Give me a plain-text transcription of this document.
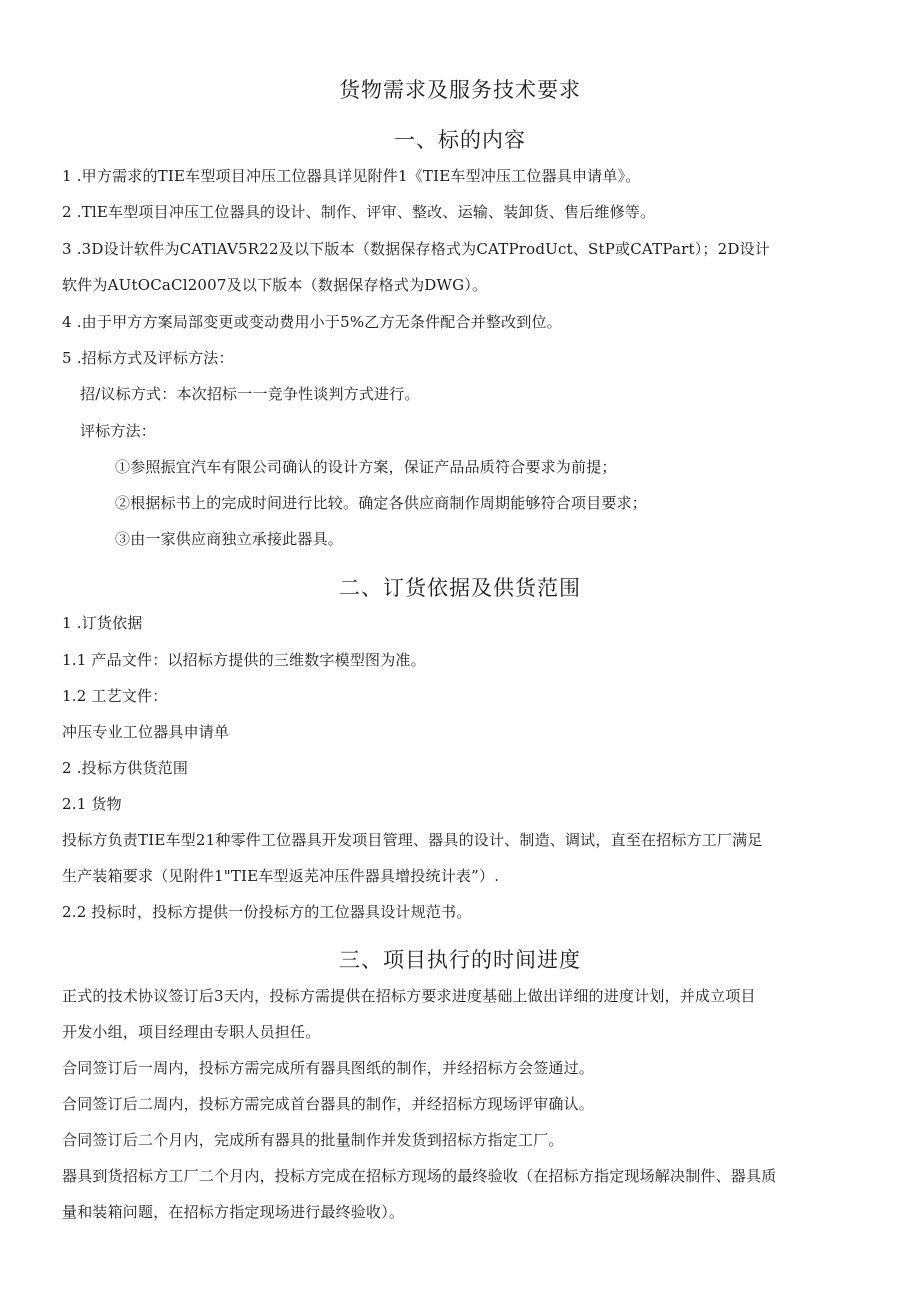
货物需求及服务技术要求
一、标的内容
1 .甲方需求的TIE车型项目冲压工位器具详见附件1《TIE车型冲压工位器具申请单》。
2 .TlE车型项目冲压工位器具的设计、制作、评审、整改、运输、装卸货、售后维修等。
3 .3D设计软件为CATlAV5R22及以下版本（数据保存格式为CATProdUct、StP或CATPart）；2D设计
软件为AUtOCaCl2007及以下版本（数据保存格式为DWG）。
4 .由于甲方方案局部变更或变动费用小于5%乙方无条件配合并整改到位。
5 .招标方式及评标方法：
招/议标方式：本次招标一一竞争性谈判方式进行。
评标方法：
①参照振宜汽车有限公司确认的设计方案，保证产品品质符合要求为前提；
②根据标书上的完成时间进行比较。确定各供应商制作周期能够符合项目要求；
③由一家供应商独立承接此器具。
二、订货依据及供货范围
1 .订货依据
1.1 产品文件：以招标方提供的三维数字模型图为准。
1.2 工艺文件：
冲压专业工位器具申请单
2 .投标方供货范围
2.1 货物
投标方负责TIE车型21种零件工位器具开发项目管理、器具的设计、制造、调试，直至在招标方工厂满足
生产装箱要求（见附件1"TIE车型返芜冲压件器具增投统计表”）.
2.2 投标时，投标方提供一份投标方的工位器具设计规范书。
三、项目执行的时间进度
正式的技术协议签订后3天内，投标方需提供在招标方要求进度基础上做出详细的进度计划，并成立项目
开发小组，项目经理由专职人员担任。
合同签订后一周内，投标方需完成所有器具图纸的制作，并经招标方会签通过。
合同签订后二周内，投标方需完成首台器具的制作，并经招标方现场评审确认。
合同签订后二个月内，完成所有器具的批量制作并发货到招标方指定工厂。
器具到货招标方工厂二个月内，投标方完成在招标方现场的最终验收（在招标方指定现场解决制件、器具质
量和装箱问题，在招标方指定现场进行最终验收）。
